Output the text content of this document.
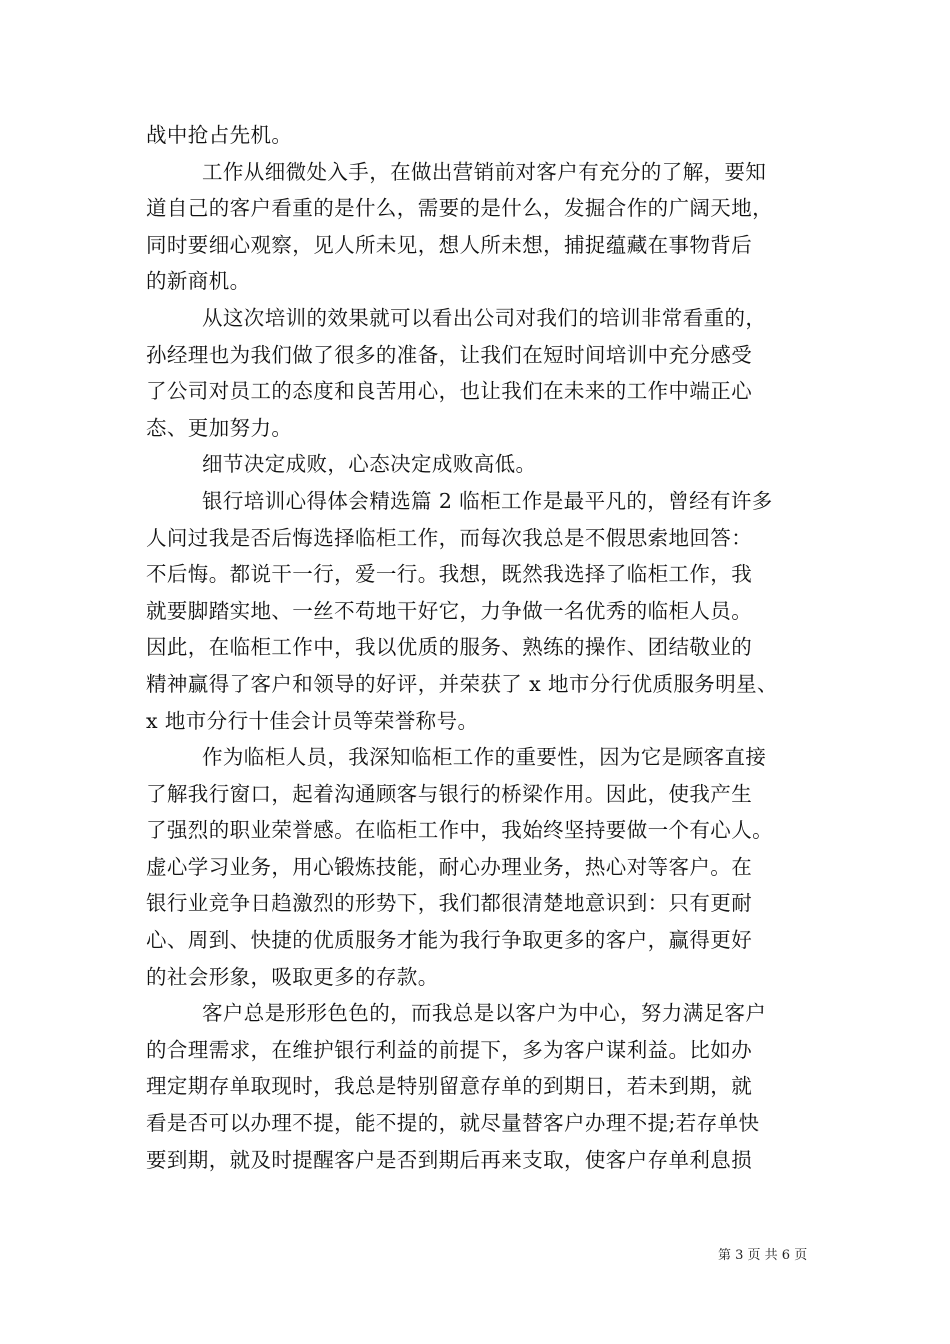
战中抢占先机。
工作从细微处入手，在做出营销前对客户有充分的了解，要知
道自己的客户看重的是什么，需要的是什么，发掘合作的广阔天地，
同时要细心观察，见人所未见，想人所未想，捕捉蕴藏在事物背后
的新商机。
从这次培训的效果就可以看出公司对我们的培训非常看重的，
孙经理也为我们做了很多的准备，让我们在短时间培训中充分感受
了公司对员工的态度和良苦用心，也让我们在未来的工作中端正心
态、更加努力。
细节决定成败，心态决定成败高低。
银行培训心得体会精选篇 2 临柜工作是最平凡的，曾经有许多
人问过我是否后悔选择临柜工作，而每次我总是不假思索地回答：
不后悔。都说干一行，爱一行。我想，既然我选择了临柜工作，我
就要脚踏实地、一丝不苟地干好它，力争做一名优秀的临柜人员。
因此，在临柜工作中，我以优质的服务、熟练的操作、团结敬业的
精神赢得了客户和领导的好评，并荣获了 x 地市分行优质服务明星、
x 地市分行十佳会计员等荣誉称号。
作为临柜人员，我深知临柜工作的重要性，因为它是顾客直接
了解我行窗口，起着沟通顾客与银行的桥梁作用。因此，使我产生
了强烈的职业荣誉感。在临柜工作中，我始终坚持要做一个有心人。
虚心学习业务，用心锻炼技能，耐心办理业务，热心对等客户。在
银行业竞争日趋激烈的形势下，我们都很清楚地意识到：只有更耐
心、周到、快捷的优质服务才能为我行争取更多的客户，赢得更好
的社会形象，吸取更多的存款。
客户总是形形色色的，而我总是以客户为中心，努力满足客户
的合理需求，在维护银行利益的前提下，多为客户谋利益。比如办
理定期存单取现时，我总是特别留意存单的到期日，若未到期，就
看是否可以办理不提，能不提的，就尽量替客户办理不提;若存单快
要到期，就及时提醒客户是否到期后再来支取，使客户存单利息损
第 3 页 共 6 页
